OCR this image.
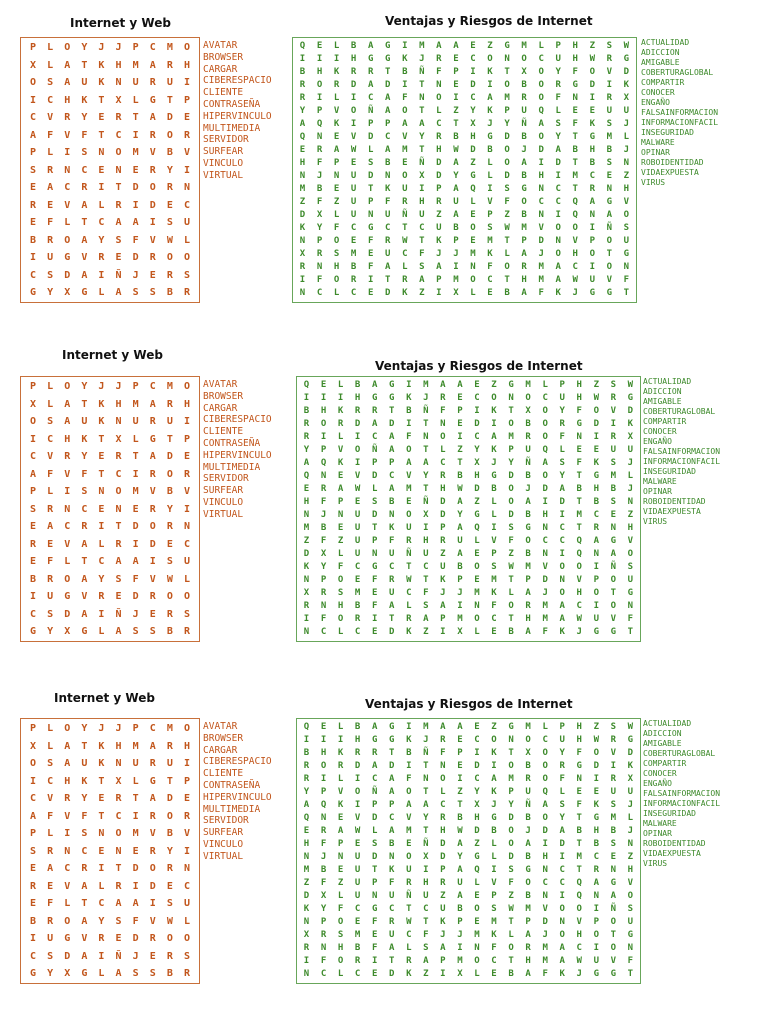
Internet y Web	Ventajas y Riesgos de Internet
P L O Y J J P C M O
X L A T K H M A R H
O S A U K N U R U I
I C H K T X L G T P
C V R Y E R T A D E
A F V F T C I R O R
P L I S N O M V B V
S R N C E N E R Y I
E A C R I T D O R N
R E V A L R I D E C
E F L T C A A I S U
B R O A Y S F V W L
I U G V R E D R O O
C S D A I Ñ J E R S
G Y X G L A S S B R
AVATAR
BROWSER
CARGAR
CIBERESPACIO
CLIENTE
CONTRASEÑA
HIPERVINCULO
MULTIMEDIA
SERVIDOR
SURFEAR
VINCULO
VIRTUAL
Q	E	L	B	A	G	I	M	A	A	E	Z	G	M	L	P	H	Z	S	W
I	I	I	H	G	G	K	J	R	E	C	O	N	O	C	U	H	W	R	G
B	H	K	R	R	T	B	Ñ	F	P	I	K	T	X	O	Y	F	O	V	D
R	O	R	D	A	D	I	T	N	E	D	I	O	B	O	R	G	D	I	K
R	I	L	I	C	A	F	N	O	I	C	A	M	R	O	F	N	I	R	X
Y	P	V	O	Ñ	A	O	T	L	Z	Y	K	P	U	Q	L	E	E	U	U
A	Q	K	I	P	P	A	A	C	T	X	J	Y	Ñ	A	S	F	K	S	J
Q	N	E	V	D	C	V	Y	R	B	H	G	D	B	O	Y	T	G	M	L
E	R	A	W	L	A	M	T	H	W	D	B	O	J	D	A	B	H	B	J
H	F	P	E	S	B	E	Ñ	D	A	Z	L	O	A	I	D	T	B	S	N
N	J	N	U	D	N	O	X	D	Y	G	L	D	B	H	I	M	C	E	Z
M	B	E	U	T	K	U	I	P	A	Q	I	S	G	N	C	T	R	N	H
Z	F	Z	U	P	F	R	H	R	U	L	V	F	O	C	C	Q	A	G	V
D	X	L	U	N	U	Ñ	U	Z	A	E	P	Z	B	N	I	Q	N	A	O
K	Y	F	C	G	C	T	C	U	B	O	S	W	M	V	O	O	I	Ñ	S
N	P	O	E	F	R	W	T	K	P	E	M	T	P	D	N	V	P	O	U
X	R	S	M	E	U	C	F	J	J	M	K	L	A	J	O	H	O	T	G
R	N	H	B	F	A	L	S	A	I	N	F	O	R	M	A	C	I	O	N
I	F	O	R	I	T	R	A	P	M	O	C	T	H	M	A	W	U	V	F
N	C	L	C	E	D	K	Z	I	X	L	E	B	A	F	K	J	G	G	T
ACTUALIDAD
ADICCION
AMIGABLE
COBERTURAGLOBAL
COMPARTIR
CONOCER
ENGAÑO
FALSAINFORMACION
INFORMACIONFACIL
INSEGURIDAD
MALWARE
OPINAR
ROBOIDENTIDAD
VIDAEXPUESTA
VIRUS
Internet y Web
Ventajas y Riesgos de Internet
P L O Y J J P C M O
X L A T K H M A R H
O S A U K N U R U I
I C H K T X L G T P
C V R Y E R T A D E
A F V F T C I R O R
P L I S N O M V B V
S R N C E N E R Y I
E A C R I T D O R N
R E V A L R I D E C
E F L T C A A I S U
B R O A Y S F V W L
I U G V R E D R O O
C S D A I Ñ J E R S
G Y X G L A S S B R
AVATAR
BROWSER
CARGAR
CIBERESPACIO
CLIENTE
CONTRASEÑA
HIPERVINCULO
MULTIMEDIA
SERVIDOR
SURFEAR
VINCULO
VIRTUAL
Q	E	L	B	A	G	I	M	A	A	E	Z	G	M	L	P	H	Z	S	W
I	I	I	H	G	G	K	J	R	E	C	O	N	O	C	U	H	W	R	G
B	H	K	R	R	T	B	Ñ	F	P	I	K	T	X	O	Y	F	O	V	D
R	O	R	D	A	D	I	T	N	E	D	I	O	B	O	R	G	D	I	K
R	I	L	I	C	A	F	N	O	I	C	A	M	R	O	F	N	I	R	X
Y	P	V	O	Ñ	A	O	T	L	Z	Y	K	P	U	Q	L	E	E	U	U
A	Q	K	I	P	P	A	A	C	T	X	J	Y	Ñ	A	S	F	K	S	J
Q	N	E	V	D	C	V	Y	R	B	H	G	D	B	O	Y	T	G	M	L
E	R	A	W	L	A	M	T	H	W	D	B	O	J	D	A	B	H	B	J
H	F	P	E	S	B	E	Ñ	D	A	Z	L	O	A	I	D	T	B	S	N
N	J	N	U	D	N	O	X	D	Y	G	L	D	B	H	I	M	C	E	Z
M	B	E	U	T	K	U	I	P	A	Q	I	S	G	N	C	T	R	N	H
Z	F	Z	U	P	F	R	H	R	U	L	V	F	O	C	C	Q	A	G	V
D	X	L	U	N	U	Ñ	U	Z	A	E	P	Z	B	N	I	Q	N	A	O
K	Y	F	C	G	C	T	C	U	B	O	S	W	M	V	O	O	I	Ñ	S
N	P	O	E	F	R	W	T	K	P	E	M	T	P	D	N	V	P	O	U
X	R	S	M	E	U	C	F	J	J	M	K	L	A	J	O	H	O	T	G
R	N	H	B	F	A	L	S	A	I	N	F	O	R	M	A	C	I	O	N
I	F	O	R	I	T	R	A	P	M	O	C	T	H	M	A	W	U	V	F
N	C	L	C	E	D	K	Z	I	X	L	E	B	A	F	K	J	G	G	T
ACTUALIDAD
ADICCION
AMIGABLE
COBERTURAGLOBAL
COMPARTIR
CONOCER
ENGAÑO
FALSAINFORMACION
INFORMACIONFACIL
INSEGURIDAD
MALWARE
OPINAR
ROBOIDENTIDAD
VIDAEXPUESTA
VIRUS
Internet y Web	Ventajas y Riesgos de Internet
P L O Y J J P C M O
X L A T K H M A R H
O S A U K N U R U I
I C H K T X L G T P
C V R Y E R T A D E
A F V F T C I R O R
P L I S N O M V B V
S R N C E N E R Y I
E A C R I T D O R N
R E V A L R I D E C
E F L T C A A I S U
B R O A Y S F V W L
I U G V R E D R O O
C S D A I Ñ J E R S
G Y X G L A S S B R
AVATAR
BROWSER
CARGAR
CIBERESPACIO
CLIENTE
CONTRASEÑA
HIPERVINCULO
MULTIMEDIA
SERVIDOR
SURFEAR
VINCULO
VIRTUAL
Q	E	L	B	A	G	I	M	A	A	E	Z	G	M	L	P	H	Z	S	W
I	I	I	H	G	G	K	J	R	E	C	O	N	O	C	U	H	W	R	G
B	H	K	R	R	T	B	Ñ	F	P	I	K	T	X	O	Y	F	O	V	D
R	O	R	D	A	D	I	T	N	E	D	I	O	B	O	R	G	D	I	K
R	I	L	I	C	A	F	N	O	I	C	A	M	R	O	F	N	I	R	X
Y	P	V	O	Ñ	A	O	T	L	Z	Y	K	P	U	Q	L	E	E	U	U
A	Q	K	I	P	P	A	A	C	T	X	J	Y	Ñ	A	S	F	K	S	J
Q	N	E	V	D	C	V	Y	R	B	H	G	D	B	O	Y	T	G	M	L
E	R	A	W	L	A	M	T	H	W	D	B	O	J	D	A	B	H	B	J
H	F	P	E	S	B	E	Ñ	D	A	Z	L	O	A	I	D	T	B	S	N
N	J	N	U	D	N	O	X	D	Y	G	L	D	B	H	I	M	C	E	Z
M	B	E	U	T	K	U	I	P	A	Q	I	S	G	N	C	T	R	N	H
Z	F	Z	U	P	F	R	H	R	U	L	V	F	O	C	C	Q	A	G	V
D	X	L	U	N	U	Ñ	U	Z	A	E	P	Z	B	N	I	Q	N	A	O
K	Y	F	C	G	C	T	C	U	B	O	S	W	M	V	O	O	I	Ñ	S
N	P	O	E	F	R	W	T	K	P	E	M	T	P	D	N	V	P	O	U
X	R	S	M	E	U	C	F	J	J	M	K	L	A	J	O	H	O	T	G
R	N	H	B	F	A	L	S	A	I	N	F	O	R	M	A	C	I	O	N
I	F	O	R	I	T	R	A	P	M	O	C	T	H	M	A	W	U	V	F
N	C	L	C	E	D	K	Z	I	X	L	E	B	A	F	K	J	G	G	T
ACTUALIDAD
ADICCION
AMIGABLE
COBERTURAGLOBAL
COMPARTIR
CONOCER
ENGAÑO
FALSAINFORMACION
INFORMACIONFACIL
INSEGURIDAD
MALWARE
OPINAR
ROBOIDENTIDAD
VIDAEXPUESTA
VIRUS
